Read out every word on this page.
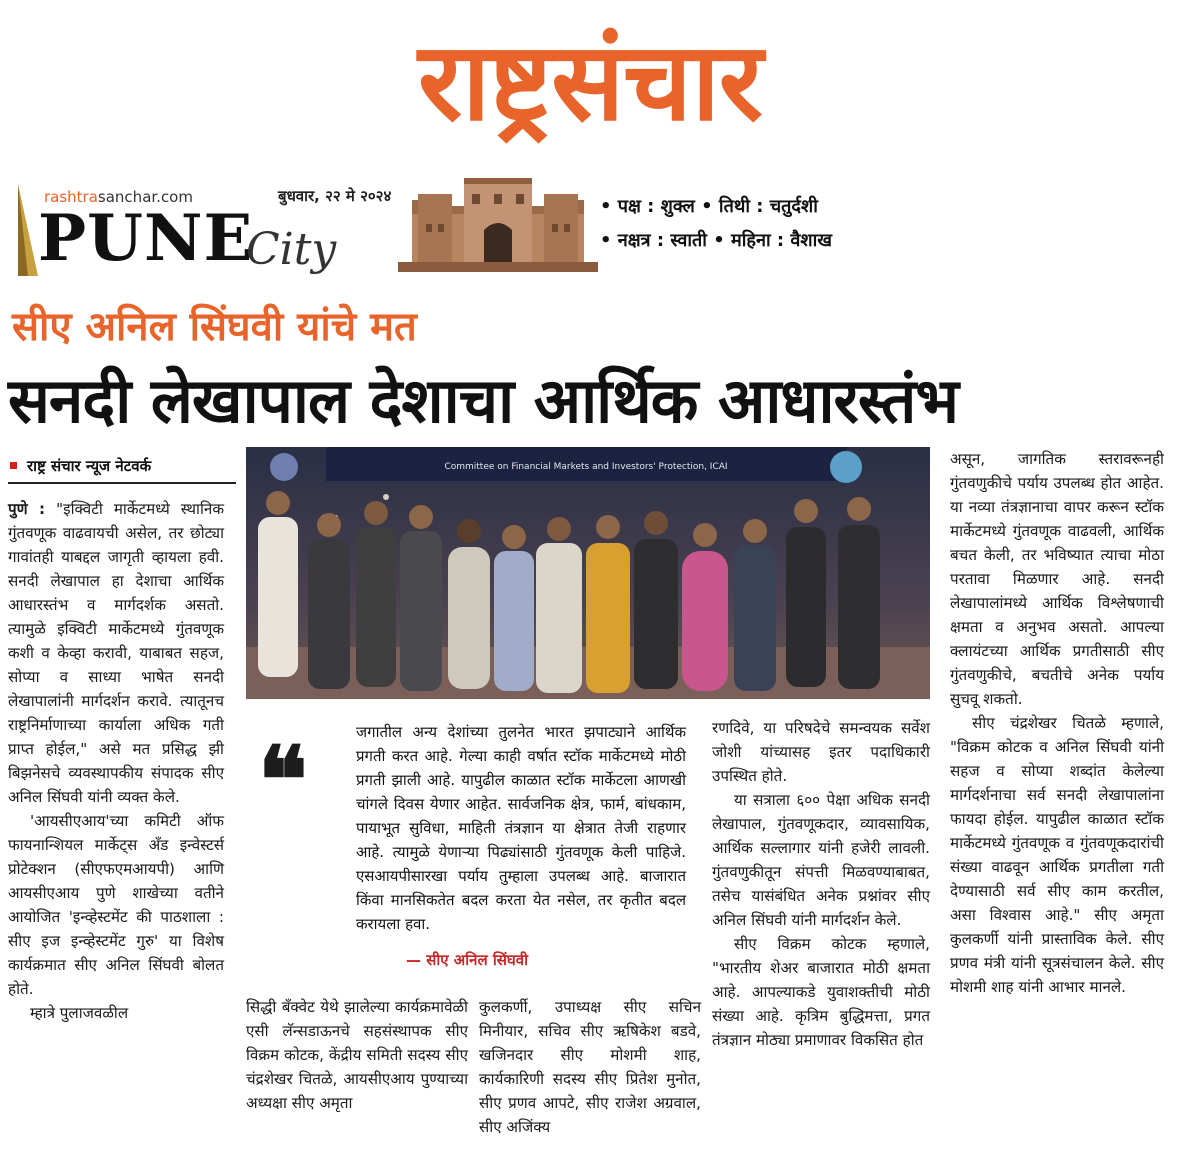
राष्ट्रसंचार
rashtrasanchar.com
PUNE
City
बुधवार, २२ मे २०२४	• पक्ष : शुक्ल • तिथी : चतुर्दशी
• नक्षत्र : स्वाती • महिना : वैशाख
सीए अनिल सिंघवी यांचे मत
सनदी लेखापाल देशाचा आर्थिक आधारस्तंभ
राष्ट्र संचार न्यूज नेटवर्क

पुणे : "इक्विटी मार्केटमध्ये स्थानिक गुंतवणूक वाढवायची असेल, तर छोट्या गावांतही याबद्दल जागृती व्हायला हवी. सनदी लेखापाल हा देशाचा आर्थिक आधारस्तंभ व मार्गदर्शक असतो. त्यामुळे इक्विटी मार्केटमध्ये गुंतवणूक कशी व केव्हा करावी, याबाबत सहज, सोप्या व साध्या भाषेत सनदी लेखापालांनी मार्गदर्शन करावे. त्यातूनच राष्ट्रनिर्माणाच्या कार्याला अधिक गती प्राप्त होईल," असे मत प्रसिद्ध झी बिझनेसचे व्यवस्थापकीय संपादक सीए अनिल सिंघवी यांनी व्यक्त केले.

'आयसीएआय'च्या कमिटी ऑफ फायनान्शियल मार्केट्स अँड इन्वेस्टर्स प्रोटेक्शन (सीएफएमआयपी) आणि आयसीएआय पुणे शाखेच्या वतीने आयोजित 'इन्व्हेस्टमेंट की पाठशाला : सीए इज इन्व्हेस्टमेंट गुरु' या विशेष कार्यक्रमात सीए अनिल सिंघवी बोलत होते.

म्हात्रे पुलाजवळील

Committee on Financial Markets and Investors' Protection, ICAI
❝	जगातील अन्य देशांच्या तुलनेत भारत झपाट्याने आर्थिक प्रगती करत आहे. गेल्या काही वर्षात स्टॉक मार्केटमध्ये मोठी प्रगती झाली आहे. यापुढील काळात स्टॉक मार्केटला आणखी चांगले दिवस येणार आहेत. सार्वजनिक क्षेत्र, फार्म, बांधकाम, पायाभूत सुविधा, माहिती तंत्रज्ञान या क्षेत्रात तेजी राहणार आहे. त्यामुळे येणाऱ्या पिढ्यांसाठी गुंतवणूक केली पाहिजे. एसआयपीसारखा पर्याय तुम्हाला उपलब्ध आहे. बाजारात किंवा मानसिकतेत बदल करता येत नसेल, तर कृतीत बदल करायला हवा.
— सीए अनिल सिंघवी

सिद्धी बँक्वेट येथे झालेल्या कार्यक्रमावेळी एसी लॅन्सडाऊनचे सहसंस्थापक सीए विक्रम कोटक, केंद्रीय समिती सदस्य सीए चंद्रशेखर चितळे, आयसीएआय पुण्याच्या अध्यक्षा सीए अमृता

कुलकर्णी, उपाध्यक्ष सीए सचिन मिनीयार, सचिव सीए ऋषिकेश बडवे, खजिनदार सीए मोशमी शाह, कार्यकारिणी सदस्य सीए प्रितेश मुनोत, सीए प्रणव आपटे, सीए राजेश अग्रवाल, सीए अजिंक्य

रणदिवे, या परिषदेचे समन्वयक सर्वेश जोशी यांच्यासह इतर पदाधिकारी उपस्थित होते.

या सत्राला ६०० पेक्षा अधिक सनदी लेखापाल, गुंतवणूकदार, व्यावसायिक, आर्थिक सल्लागार यांनी हजेरी लावली. गुंतवणुकीतून संपत्ती मिळवण्याबाबत, तसेच यासंबंधित अनेक प्रश्नांवर सीए अनिल सिंघवी यांनी मार्गदर्शन केले.

सीए विक्रम कोटक म्हणाले, "भारतीय शेअर बाजारात मोठी क्षमता आहे. आपल्याकडे युवाशक्तीची मोठी संख्या आहे. कृत्रिम बुद्धिमत्ता, प्रगत तंत्रज्ञान मोठ्या प्रमाणावर विकसित होत

असून, जागतिक स्तरावरूनही गुंतवणुकीचे पर्याय उपलब्ध होत आहेत. या नव्या तंत्रज्ञानाचा वापर करून स्टॉक मार्केटमध्ये गुंतवणूक वाढवली, आर्थिक बचत केली, तर भविष्यात त्याचा मोठा परतावा मिळणार आहे. सनदी लेखापालांमध्ये आर्थिक विश्लेषणाची क्षमता व अनुभव असतो. आपल्या क्लायंटच्या आर्थिक प्रगतीसाठी सीए गुंतवणुकीचे, बचतीचे अनेक पर्याय सुचवू शकतो.

सीए चंद्रशेखर चितळे म्हणाले, "विक्रम कोटक व अनिल सिंघवी यांनी सहज व सोप्या शब्दांत केलेल्या मार्गदर्शनाचा सर्व सनदी लेखापालांना फायदा होईल. यापुढील काळात स्टॉक मार्केटमध्ये गुंतवणूक व गुंतवणूकदारांची संख्या वाढवून आर्थिक प्रगतीला गती देण्यासाठी सर्व सीए काम करतील, असा विश्वास आहे." सीए अमृता कुलकर्णी यांनी प्रास्ताविक केले. सीए प्रणव मंत्री यांनी सूत्रसंचालन केले. सीए मोशमी शाह यांनी आभार मानले.
